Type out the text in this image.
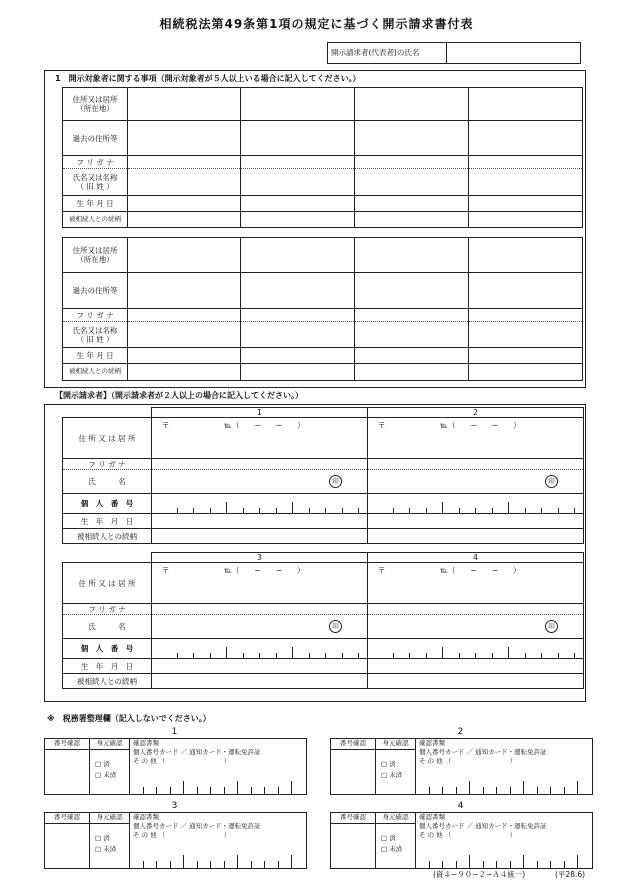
相続税法第49条第1項の規定に基づく開示請求書付表
開示請求者(代表者)の氏名
1　開示対象者に関する事項（開示対象者が５人以上いる場合に記入してください。）
住所又は居所
（所在地）				
過去の住所等				
フ リ ガ ナ				
氏名又は名称
（ 旧 姓 ）				
生 年 月 日				
被相続人との続柄				
住所又は居所
（所在地）				
過去の住所等				
フ リ ガ ナ				
氏名又は名称
（ 旧 姓 ）				
生 年 月 日				
被相続人との続柄				
【開示請求者】（開示請求者が２人以上の場合に記入してください。）
	1	2
住 所 又 は 居 所	〒 ℡（　　−　　−　　）	〒 ℡（　　−　　−　　）

フ リ ガ ナ		
氏　　　名	印	印
個　人　番　号	

生　年　月　日		
被相続人との続柄		
	3	4
住 所 又 は 居 所	〒 ℡（　　−　　−　　）	〒 ℡（　　−　　−　　）

フ リ ガ ナ		
氏　　　名	印	印
個　人　番　号	

生　年　月　日		
被相続人との続柄		
※　税務署整理欄（記入しないでください。）
1
番号確認	身元確認
□ 済
□ 未済
確認書類
個人番号カード ／ 通知カード・運転免許証
そ の 他 （　　　　　　　　　）
2
番号確認	身元確認
□ 済
□ 未済
確認書類
個人番号カード ／ 通知カード・運転免許証
そ の 他 （　　　　　　　　　）
3
番号確認	身元確認
□ 済
□ 未済
確認書類
個人番号カード ／ 通知カード・運転免許証
そ の 他 （　　　　　　　　　）
4
番号確認	身元確認
□ 済
□ 未済
確認書類
個人番号カード ／ 通知カード・運転免許証
そ の 他 （　　　　　　　　　）
(資４−９０−２−Ａ４統一)	(平28.6)
